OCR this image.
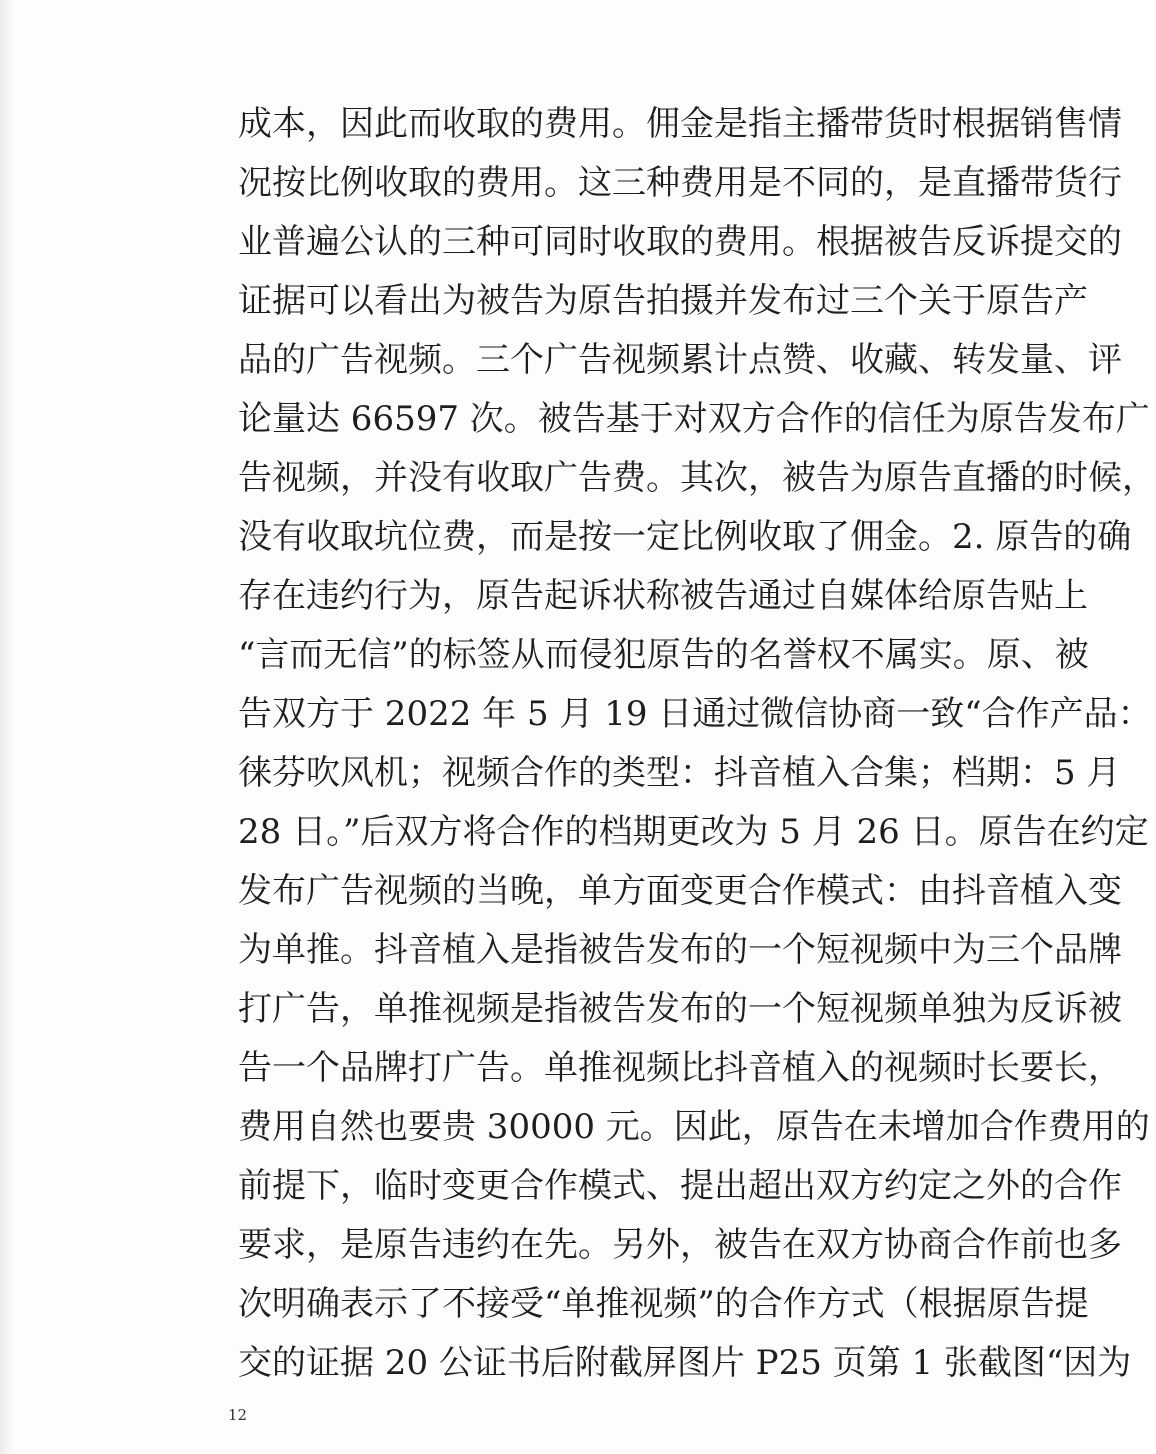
成本，因此而收取的费用。佣金是指主播带货时根据销售情
况按比例收取的费用。这三种费用是不同的，是直播带货行
业普遍公认的三种可同时收取的费用。根据被告反诉提交的
证据可以看出为被告为原告拍摄并发布过三个关于原告产
品的广告视频。三个广告视频累计点赞、收藏、转发量、评
论量达 66597 次。被告基于对双方合作的信任为原告发布广
告视频，并没有收取广告费。其次，被告为原告直播的时候，
没有收取坑位费，而是按一定比例收取了佣金。2. 原告的确
存在违约行为，原告起诉状称被告通过自媒体给原告贴上
“言而无信”的标签从而侵犯原告的名誉权不属实。原、被
告双方于 2022 年 5 月 19 日通过微信协商一致“合作产品：
徕芬吹风机；视频合作的类型：抖音植入合集；档期：5 月
28 日。”后双方将合作的档期更改为 5 月 26 日。原告在约定
发布广告视频的当晚，单方面变更合作模式：由抖音植入变
为单推。抖音植入是指被告发布的一个短视频中为三个品牌
打广告，单推视频是指被告发布的一个短视频单独为反诉被
告一个品牌打广告。单推视频比抖音植入的视频时长要长，
费用自然也要贵 30000 元。因此，原告在未增加合作费用的
前提下，临时变更合作模式、提出超出双方约定之外的合作
要求，是原告违约在先。另外，被告在双方协商合作前也多
次明确表示了不接受“单推视频”的合作方式（根据原告提
交的证据 20 公证书后附截屏图片 P25 页第 1 张截图“因为
12
